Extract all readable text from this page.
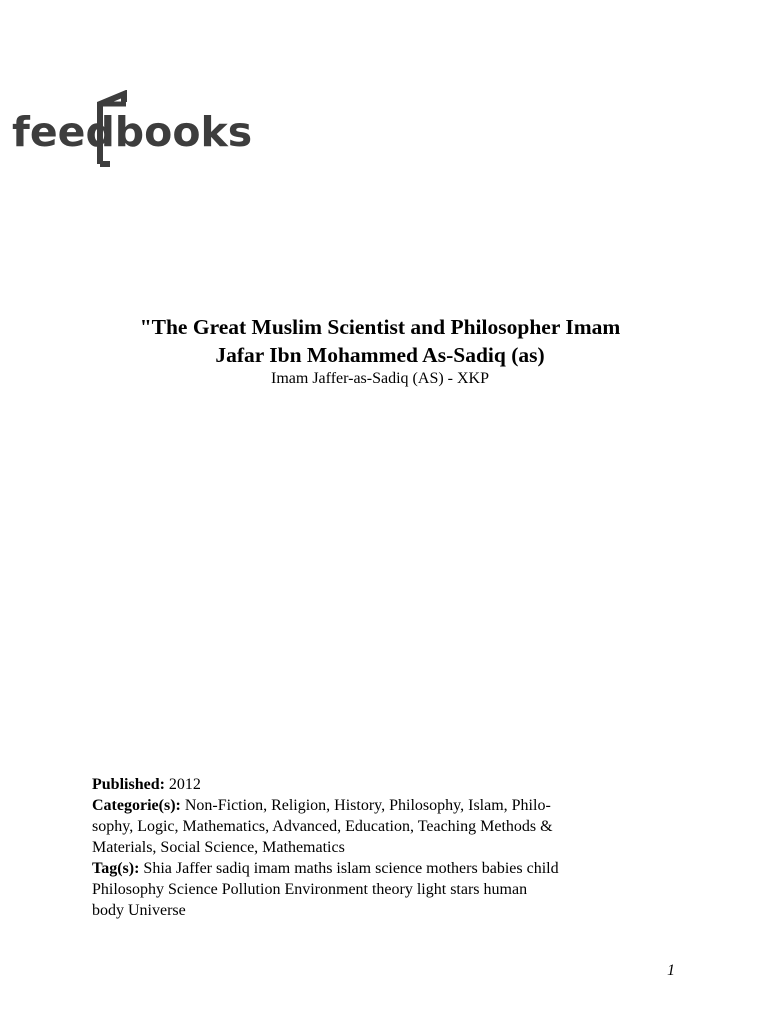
feedbooks
"The Great Muslim Scientist and Philosopher Imam
Jafar Ibn Mohammed As-Sadiq (as)
Imam Jaffer-as-Sadiq (AS) - XKP
Published: 2012
Categorie(s): Non-Fiction, Religion, History, Philosophy, Islam, Philo-
sophy, Logic, Mathematics, Advanced, Education, Teaching Methods &
Materials, Social Science, Mathematics
Tag(s): Shia Jaffer sadiq imam maths islam science mothers babies child
Philosophy Science Pollution Environment theory light stars human
body Universe
1
